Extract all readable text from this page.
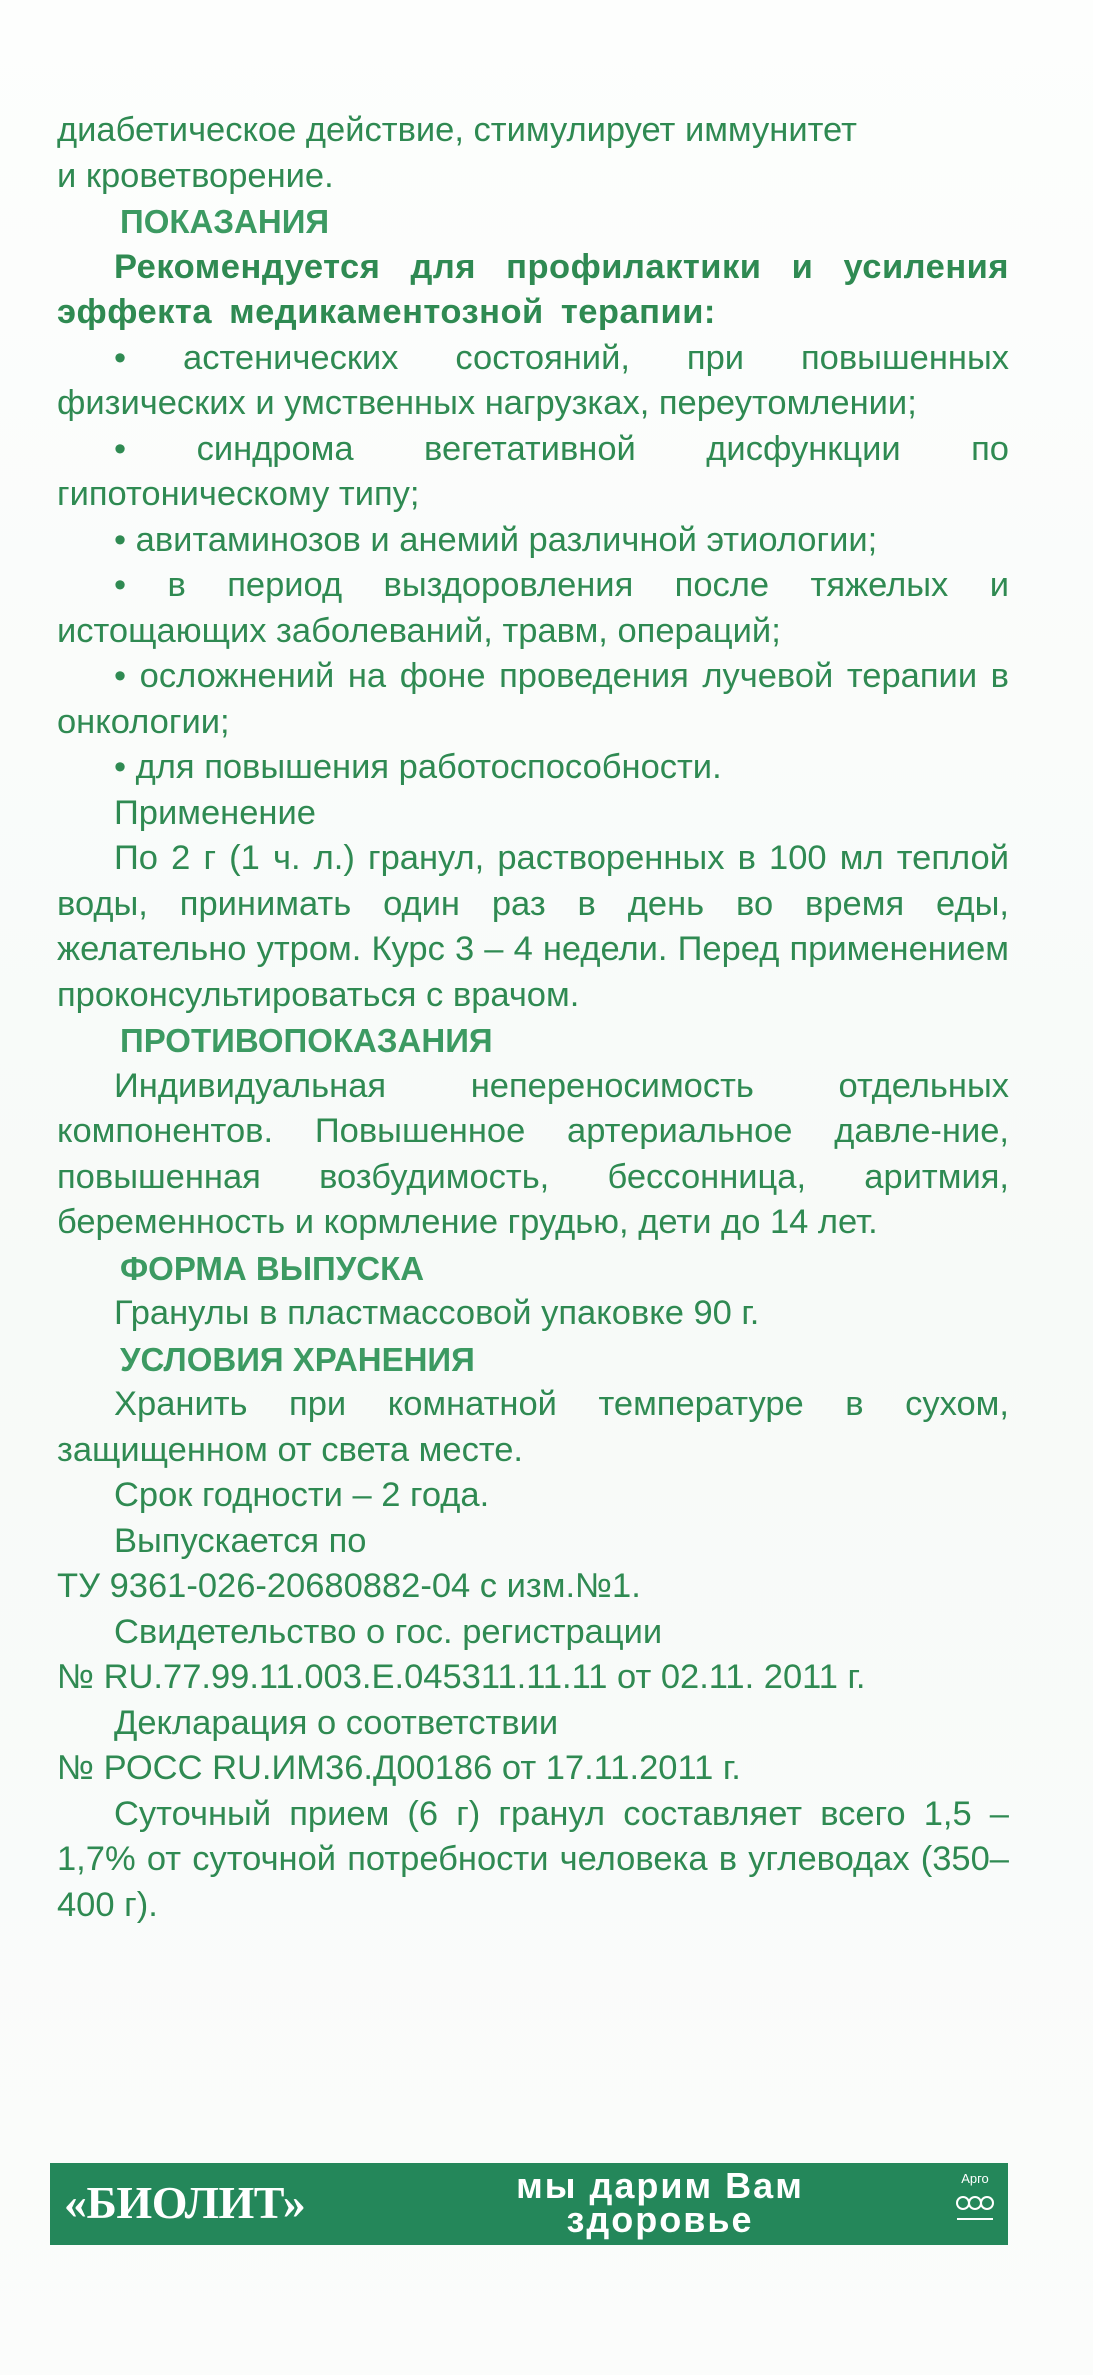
диабетическое действие, стимулирует иммунитет
и кроветворение.
ПОКАЗАНИЯ

Рекомендуется для профилактики и усиления эффекта медикаментозной терапии:

• астенических состояний, при повышенных физических и умственных нагрузках, переутомлении;

• синдрома вегетативной дисфункции по гипотоническому типу;

• авитаминозов и анемий различной этиологии;

• в период выздоровления после тяжелых и истощающих заболеваний, травм, операций;

• осложнений на фоне проведения лучевой терапии в онкологии;

• для повышения работоспособности.

Применение

По 2 г (1 ч. л.) гранул, растворенных в 100 мл теплой воды, принимать один раз в день во время еды, желательно утром. Курс 3 – 4 недели. Перед применением проконсультироваться с врачом.

ПРОТИВОПОКАЗАНИЯ

Индивидуальная непереносимость отдельных компонентов. Повышенное артериальное давле-ние, повышенная возбудимость, бессонница, аритмия, беременность и кормление грудью, дети до 14 лет.

ФОРМА ВЫПУСКА
Гранулы в пластмассовой упаковке 90 г.
УСЛОВИЯ ХРАНЕНИЯ

Хранить при комнатной температуре в сухом, защищенном от света месте.

Срок годности – 2 года.
Выпускается по
ТУ 9361-026-20680882-04 с изм.№1.
Свидетельство о гос. регистрации
№ RU.77.99.11.003.Е.045311.11.11 от 02.11. 2011 г.
Декларация о соответствии
№ РОСС RU.ИМ36.Д00186 от 17.11.2011 г.

Суточный прием (6 г) гранул составляет всего 1,5 – 1,7% от суточной потребности человека в углеводах (350–400 г).

«БИОЛИТ»	мы дарим Вам
здоровье
Арго
